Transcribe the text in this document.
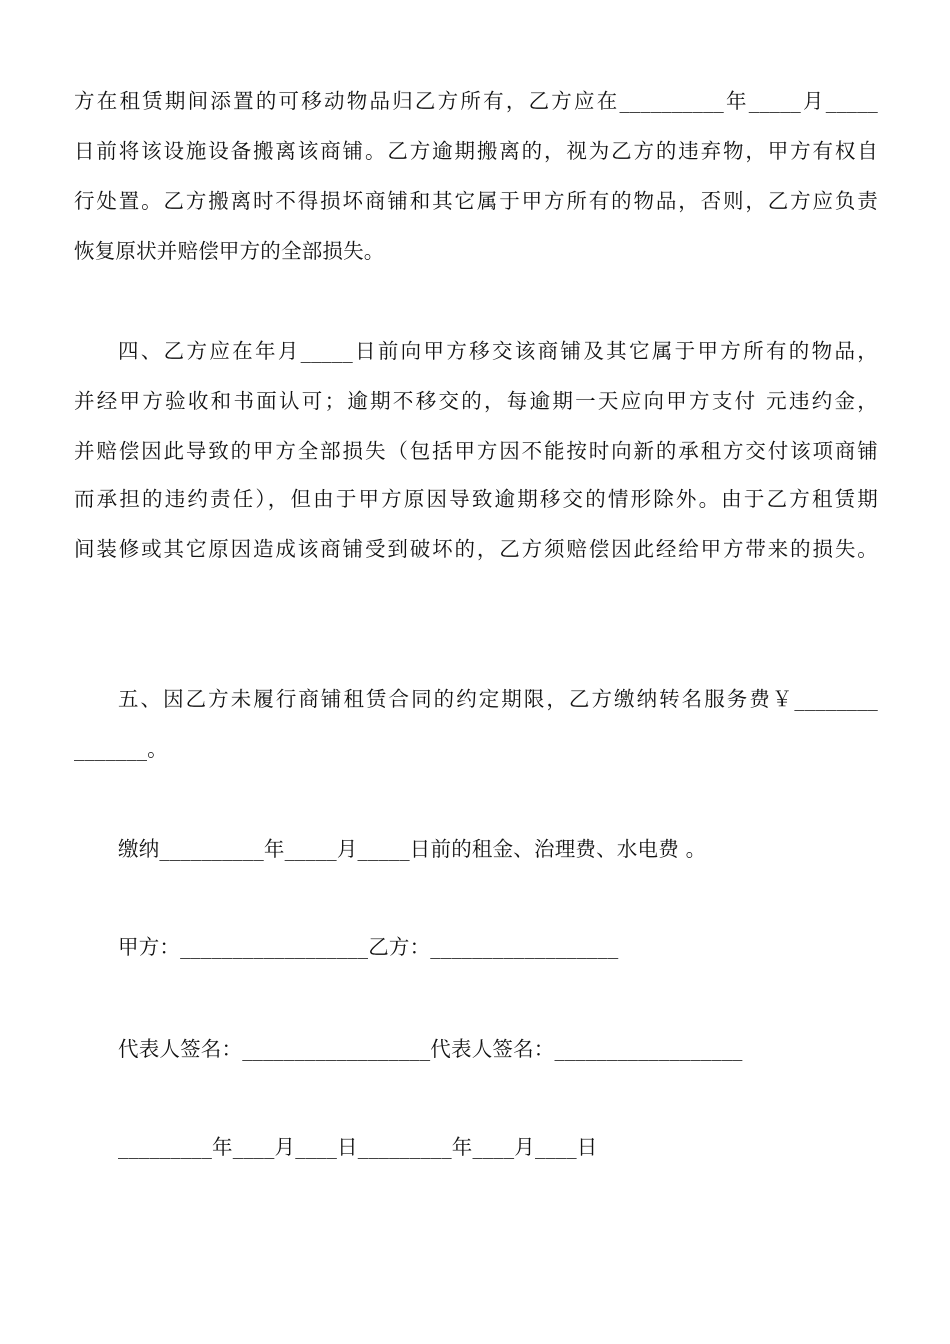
方在租赁期间添置的可移动物品归乙方所有，乙方应在__________年_____月_____
日前将该设施设备搬离该商铺。乙方逾期搬离的，视为乙方的违弃物，甲方有权自
行处置。乙方搬离时不得损坏商铺和其它属于甲方所有的物品，否则，乙方应负责
恢复原状并赔偿甲方的全部损失。
四、乙方应在年月_____日前向甲方移交该商铺及其它属于甲方所有的物品，
并经甲方验收和书面认可；逾期不移交的，每逾期一天应向甲方支付 元违约金，
并赔偿因此导致的甲方全部损失（包括甲方因不能按时向新的承租方交付该项商铺
而承担的违约责任），但由于甲方原因导致逾期移交的情形除外。由于乙方租赁期
间装修或其它原因造成该商铺受到破坏的，乙方须赔偿因此经给甲方带来的损失。
五、因乙方未履行商铺租赁合同的约定期限，乙方缴纳转名服务费￥________
_______。
缴纳__________年_____月_____日前的租金、治理费、水电费 。
甲方：__________________乙方：__________________
代表人签名：__________________代表人签名：__________________
_________年____月____日_________年____月____日
